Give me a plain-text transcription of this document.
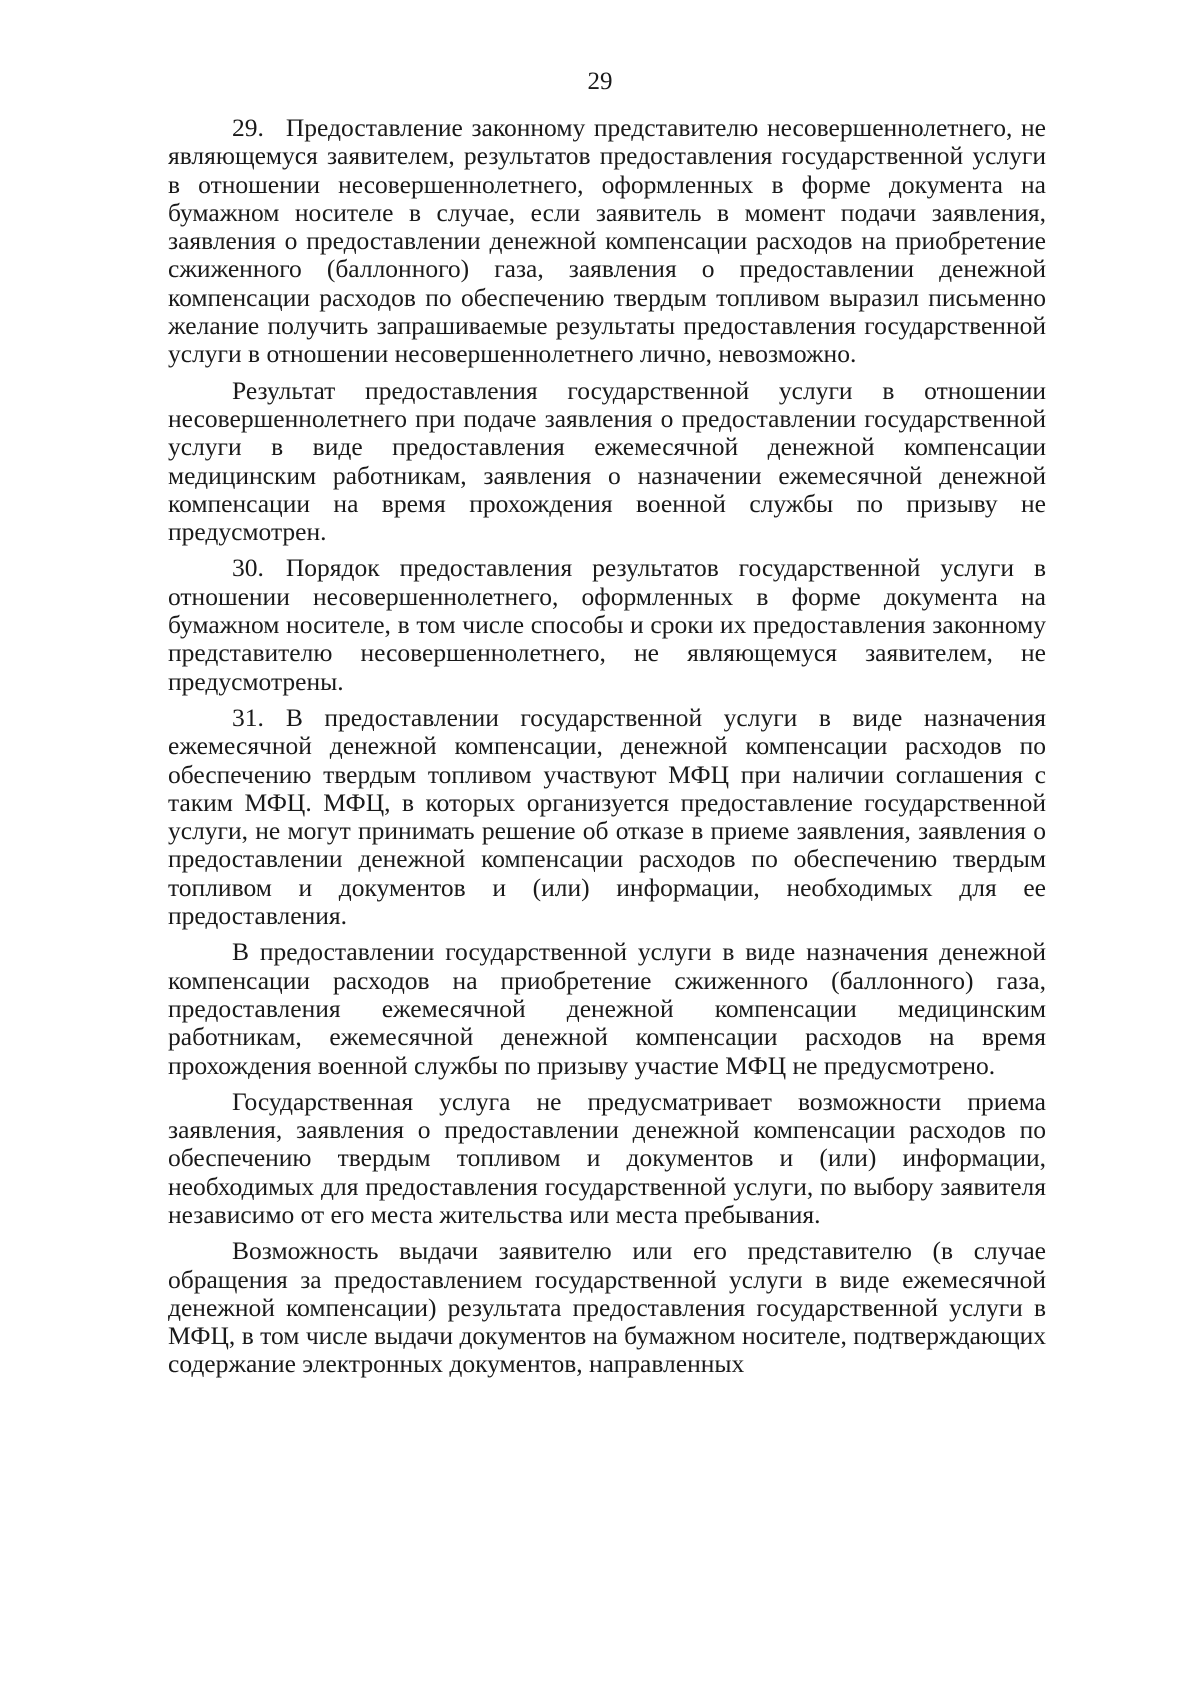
29

29. Предоставление законному представителю несовершеннолетнего, не являющемуся заявителем, результатов предоставления государственной услуги в отношении несовершеннолетнего, оформленных в форме документа на бумажном носителе в случае, если заявитель в момент подачи заявления, заявления о предоставлении денежной компенсации расходов на приобретение сжиженного (баллонного) газа, заявления о предоставлении денежной компенсации расходов по обеспечению твердым топливом выразил письменно желание получить запрашиваемые результаты предоставления государственной услуги в отношении несовершеннолетнего лично, невозможно.

Результат предоставления государственной услуги в отношении несовершеннолетнего при подаче заявления о предоставлении государственной услуги в виде предоставления ежемесячной денежной компенсации медицинским работникам, заявления о назначении ежемесячной денежной компенсации на время прохождения военной службы по призыву не предусмотрен.

30. Порядок предоставления результатов государственной услуги в отношении несовершеннолетнего, оформленных в форме документа на бумажном носителе, в том числе способы и сроки их предоставления законному представителю несовершеннолетнего, не являющемуся заявителем, не предусмотрены.

31. В предоставлении государственной услуги в виде назначения ежемесячной денежной компенсации, денежной компенсации расходов по обеспечению твердым топливом участвуют МФЦ при наличии соглашения с таким МФЦ. МФЦ, в которых организуется предоставление государственной услуги, не могут принимать решение об отказе в приеме заявления, заявления о предоставлении денежной компенсации расходов по обеспечению твердым топливом и документов и (или) информации, необходимых для ее предоставления.

В предоставлении государственной услуги в виде назначения денежной компенсации расходов на приобретение сжиженного (баллонного) газа, предоставления ежемесячной денежной компенсации медицинским работникам, ежемесячной денежной компенсации расходов на время прохождения военной службы по призыву участие МФЦ не предусмотрено.

Государственная услуга не предусматривает возможности приема заявления, заявления о предоставлении денежной компенсации расходов по обеспечению твердым топливом и документов и (или) информации, необходимых для предоставления государственной услуги, по выбору заявителя независимо от его места жительства или места пребывания.

Возможность выдачи заявителю или его представителю (в случае обращения за предоставлением государственной услуги в виде ежемесячной денежной компенсации) результата предоставления государственной услуги в МФЦ, в том числе выдачи документов на бумажном носителе, подтверждающих содержание электронных документов, направленных
